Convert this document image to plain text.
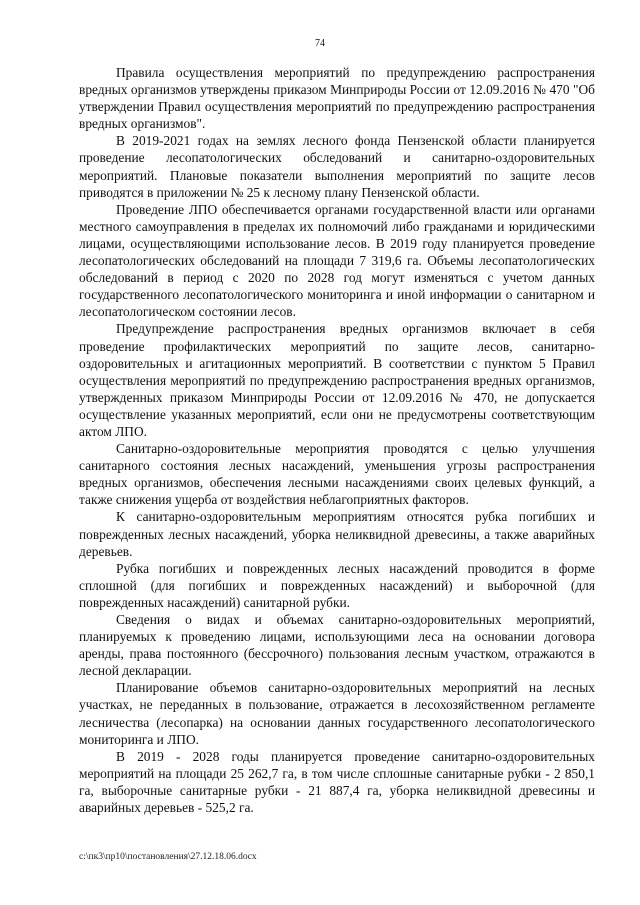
74

Правила осуществления мероприятий по предупреждению распространения вредных организмов утверждены приказом Минприроды России от 12.09.2016 № 470 "Об утверждении Правил осуществления мероприятий по предупреждению распространения вредных организмов".

В 2019-2021 годах на землях лесного фонда Пензенской области планируется проведение лесопатологических обследований и санитарно-оздоровительных мероприятий. Плановые показатели выполнения мероприятий по защите лесов приводятся в приложении № 25 к лесному плану Пензенской области.

Проведение ЛПО обеспечивается органами государственной власти или органами местного самоуправления в пределах их полномочий либо гражданами и юридическими лицами, осуществляющими использование лесов. В 2019 году планируется проведение лесопатологических обследований на площади 7 319,6 га. Объемы лесопатологических обследований в период с 2020 по 2028 год могут изменяться с учетом данных государственного лесопатологического мониторинга и иной информации о санитарном и лесопатологическом состоянии лесов.

Предупреждение распространения вредных организмов включает в себя проведение профилактических мероприятий по защите лесов, санитарно-оздоровительных и агитационных мероприятий. В соответствии с пунктом 5 Правил осуществления мероприятий по предупреждению распространения вредных организмов, утвержденных приказом Минприроды России от 12.09.2016 № 470, не допускается осуществление указанных мероприятий, если они не предусмотрены соответствующим актом ЛПО.

Санитарно-оздоровительные мероприятия проводятся с целью улучшения санитарного состояния лесных насаждений, уменьшения угрозы распространения вредных организмов, обеспечения лесными насаждениями своих целевых функций, а также снижения ущерба от воздействия неблагоприятных факторов.

К санитарно-оздоровительным мероприятиям относятся рубка погибших и поврежденных лесных насаждений, уборка неликвидной древесины, а также аварийных деревьев.

Рубка погибших и поврежденных лесных насаждений проводится в форме сплошной (для погибших и поврежденных насаждений) и выборочной (для поврежденных насаждений) санитарной рубки.

Сведения о видах и объемах санитарно-оздоровительных мероприятий, планируемых к проведению лицами, использующими леса на основании договора аренды, права постоянного (бессрочного) пользования лесным участком, отражаются в лесной декларации.

Планирование объемов санитарно-оздоровительных мероприятий на лесных участках, не переданных в пользование, отражается в лесохозяйственном регламенте лесничества (лесопарка) на основании данных государственного лесопатологического мониторинга и ЛПО.

В 2019 - 2028 годы планируется проведение санитарно-оздоровительных мероприятий на площади 25 262,7 га, в том числе сплошные санитарные рубки - 2 850,1 га, выборочные санитарные рубки - 21 887,4 га, уборка неликвидной древесины и аварийных деревьев - 525,2 га.

c:\пк3\пр10\постановления\27.12.18.06.docx
